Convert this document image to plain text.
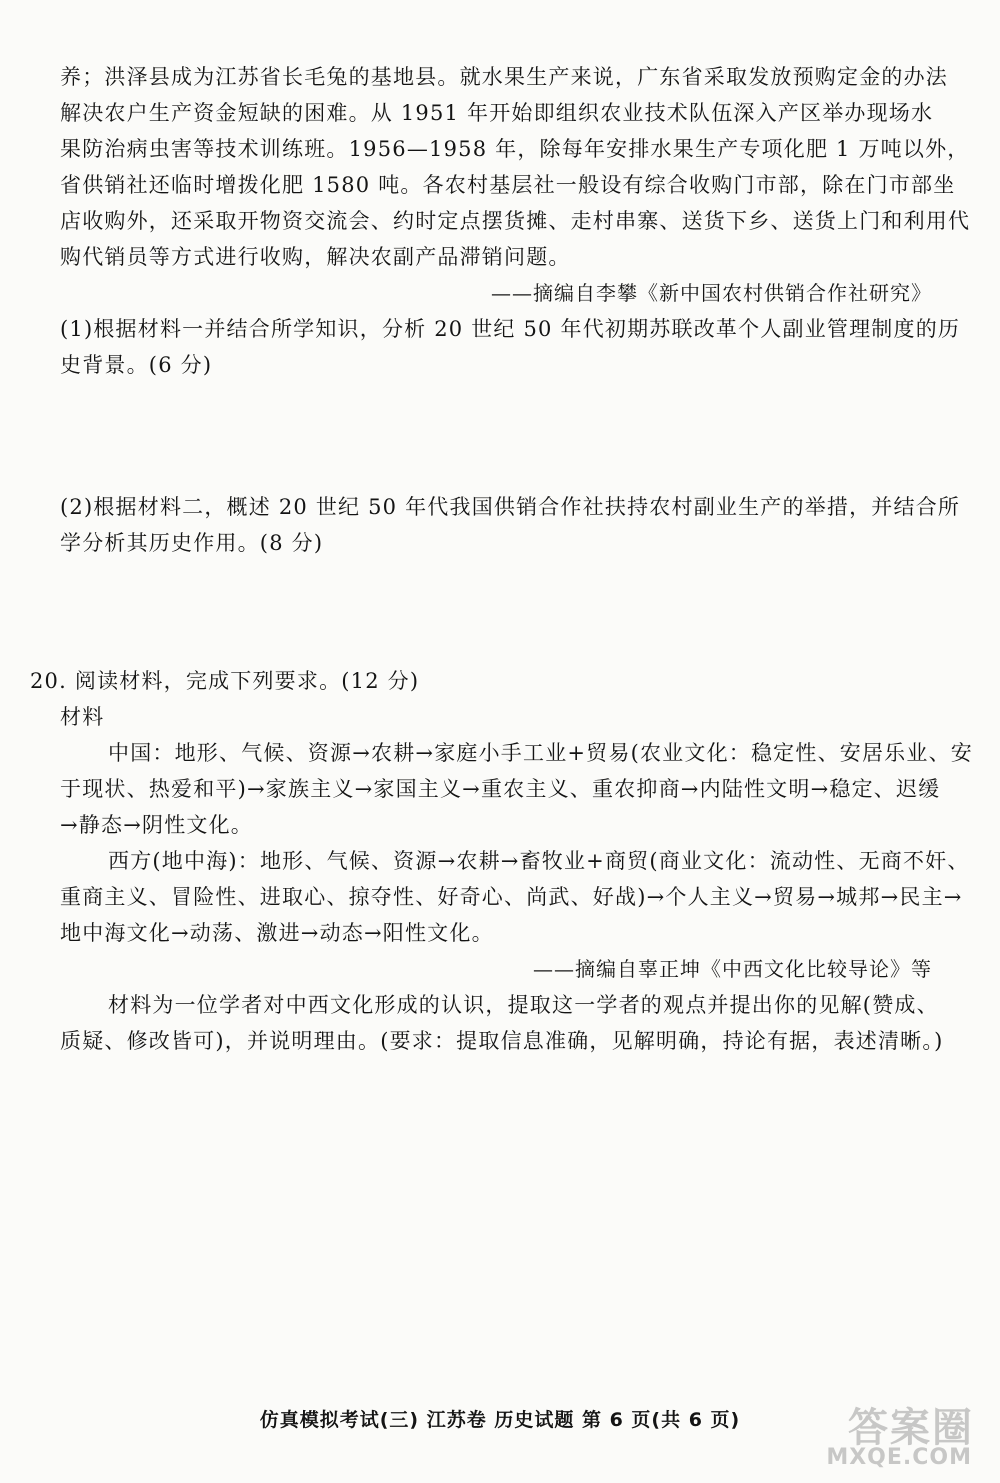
养；洪泽县成为江苏省长毛兔的基地县。就水果生产来说，广东省采取发放预购定金的办法
解决农户生产资金短缺的困难。从 1951 年开始即组织农业技术队伍深入产区举办现场水
果防治病虫害等技术训练班。1956—1958 年，除每年安排水果生产专项化肥 1 万吨以外，
省供销社还临时增拨化肥 1580 吨。各农村基层社一般设有综合收购门市部，除在门市部坐
店收购外，还采取开物资交流会、约时定点摆货摊、走村串寨、送货下乡、送货上门和利用代
购代销员等方式进行收购，解决农副产品滞销问题。
——摘编自李攀《新中国农村供销合作社研究》
(1)根据材料一并结合所学知识，分析 20 世纪 50 年代初期苏联改革个人副业管理制度的历
史背景。(6 分)
(2)根据材料二，概述 20 世纪 50 年代我国供销合作社扶持农村副业生产的举措，并结合所
学分析其历史作用。(8 分)
20. 阅读材料，完成下列要求。(12 分)
材料
中国：地形、气候、资源→农耕→家庭小手工业+贸易(农业文化：稳定性、安居乐业、安
于现状、热爱和平)→家族主义→家国主义→重农主义、重农抑商→内陆性文明→稳定、迟缓
→静态→阴性文化。
西方(地中海)：地形、气候、资源→农耕→畜牧业+商贸(商业文化：流动性、无商不奸、
重商主义、冒险性、进取心、掠夺性、好奇心、尚武、好战)→个人主义→贸易→城邦→民主→
地中海文化→动荡、激进→动态→阳性文化。
——摘编自辜正坤《中西文化比较导论》等
材料为一位学者对中西文化形成的认识，提取这一学者的观点并提出你的见解(赞成、
质疑、修改皆可)，并说明理由。(要求：提取信息准确，见解明确，持论有据，表述清晰。)
仿真模拟考试(三) 江苏卷 历史试题 第 6 页(共 6 页)	答案圈
MXQE.COM
